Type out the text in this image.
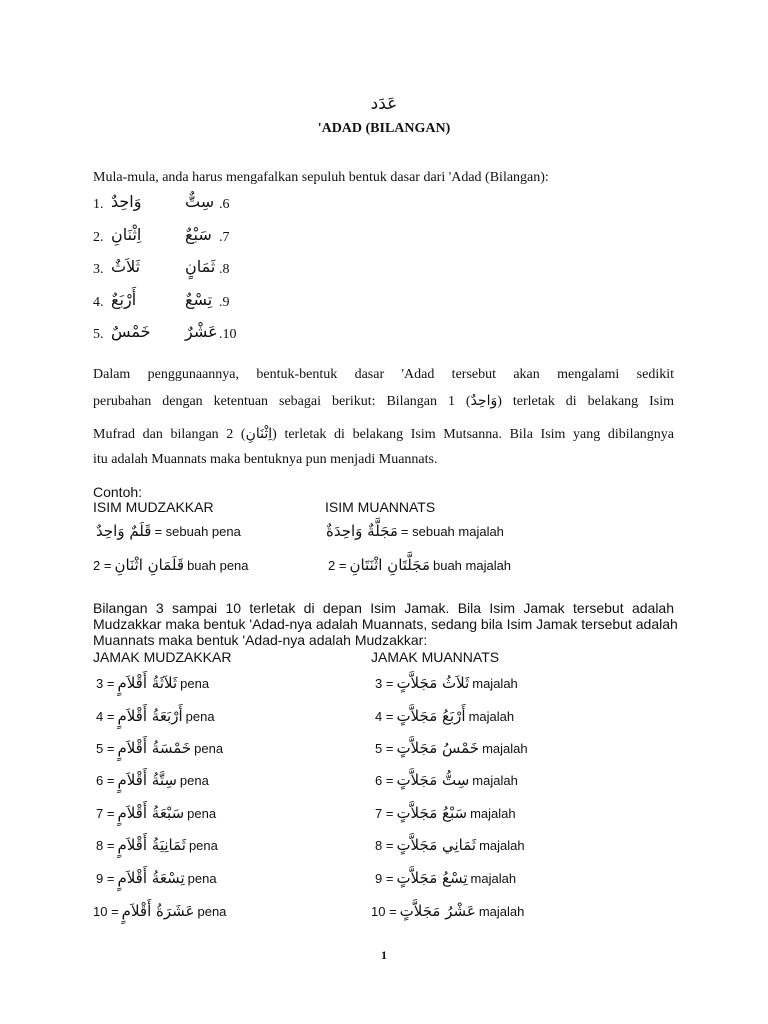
عَدَد
'ADAD (BILANGAN)
Mula-mula, anda harus mengafalkan sepuluh bentuk dasar dari 'Adad (Bilangan):
1. وَاحِدٌ	سِتٌّ .6
2. اِثْنَانِ	سَبْعٌ .7
3. ثَلاَثٌ	ثَمَانٍ .8
4. أَرْبَعٌ	تِسْعٌ .9
5. خَمْسٌ عَشْرٌ .10
Dalam penggunaannya, bentuk-bentuk dasar 'Adad tersebut akan mengalami sedikit
perubahan dengan ketentuan sebagai berikut: Bilangan 1 (وَاحِدٌ) terletak di belakang Isim
Mufrad dan bilangan 2 (اِثْنَانِ) terletak di belakang Isim Mutsanna. Bila Isim yang dibilangnya
itu adalah Muannats maka bentuknya pun menjadi Muannats.
Contoh:
ISIM MUDZAKKAR	ISIM MUANNATS
قَلَمٌ وَاحِدٌ = sebuah pena	مَجَلَّةٌ وَاحِدَةٌ = sebuah majalah
2 = قَلَمَانِ اثْنَانِ buah pena	2 = مَجَلَّتَانِ اثْنَتَانِ buah majalah
Bilangan 3 sampai 10 terletak di depan Isim Jamak. Bila Isim Jamak tersebut adalah
Mudzakkar maka bentuk 'Adad-nya adalah Muannats, sedang bila Isim Jamak tersebut adalah
Muannats maka bentuk 'Adad-nya adalah Mudzakkar:
JAMAK MUDZAKKAR	JAMAK MUANNATS
3 = ثَلاَثَةُ أَقْلاَمٍ pena	3 = ثَلاَثُ مَجَلاَّتٍ majalah
4 = أَرْبَعَةُ أَقْلاَمٍ pena	4 = أَرْبَعُ مَجَلاَّتٍ majalah
5 = خَمْسَةُ أَقْلاَمٍ pena	5 = خَمْسُ مَجَلاَّتٍ majalah
6 = سِتَّةُ أَقْلاَمٍ pena	6 = سِتُّ مَجَلاَّتٍ majalah
7 = سَبْعَةُ أَقْلاَمٍ pena	7 = سَبْعُ مَجَلاَّتٍ majalah
8 = ثَمَانِيَةُ أَقْلاَمٍ pena	8 = ثَمَانِي مَجَلاَّتٍ majalah
9 = تِسْعَةُ أَقْلاَمٍ pena	9 = تِسْعُ مَجَلاَّتٍ majalah
10 = عَشَرَةُ أَقْلاَمٍ pena	10 = عَشْرُ مَجَلاَّتٍ majalah
1
